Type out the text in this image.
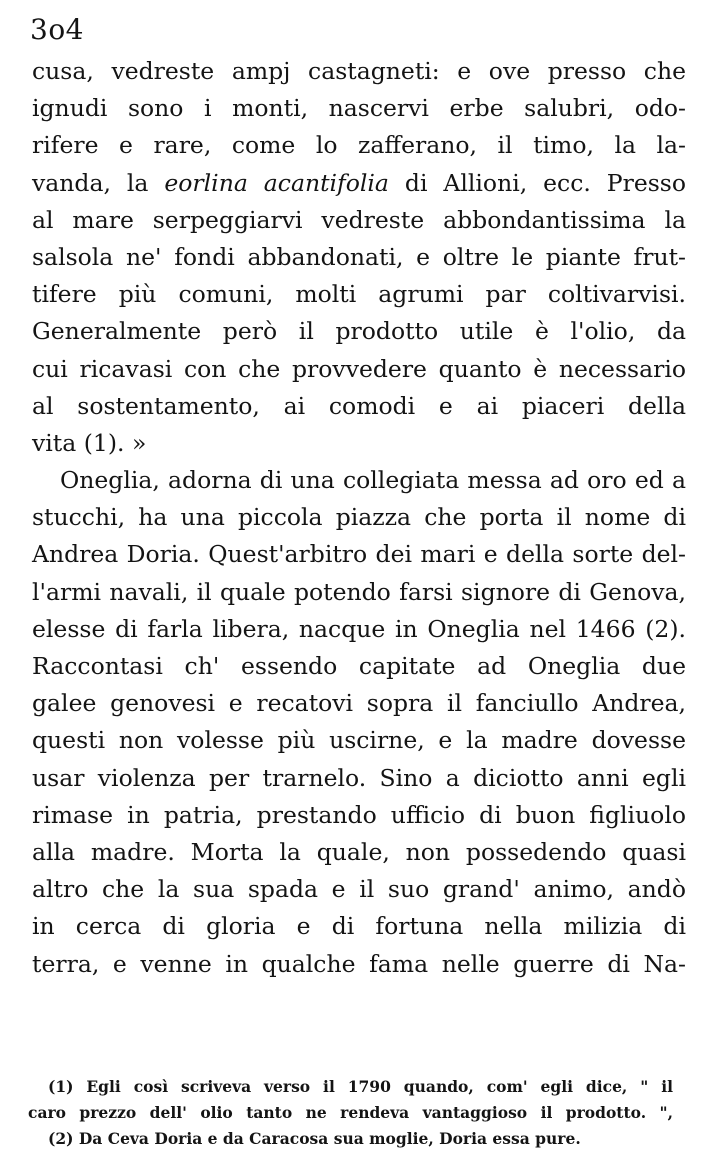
3o4
cusa, vedreste ampj castagneti: e ove presso che
ignudi sono i monti, nascervi erbe salubri, odo-
rifere e rare, come lo zafferano, il timo, la la-
vanda, la eorlina acantifolia di Allioni, ecc. Presso
al mare serpeggiarvi vedreste abbondantissima la
salsola ne' fondi abbandonati, e oltre le piante frut-
tifere più comuni, molti agrumi par coltivarvisi.
Generalmente però il prodotto utile è l'olio, da
cui ricavasi con che provvedere quanto è necessario
al sostentamento, ai comodi e ai piaceri della
vita (1). »
Oneglia, adorna di una collegiata messa ad oro ed a
stucchi, ha una piccola piazza che porta il nome di
Andrea Doria. Quest'arbitro dei mari e della sorte del-
l'armi navali, il quale potendo farsi signore di Genova,
elesse di farla libera, nacque in Oneglia nel 1466 (2).
Raccontasi ch' essendo capitate ad Oneglia due
galee genovesi e recatovi sopra il fanciullo Andrea,
questi non volesse più uscirne, e la madre dovesse
usar violenza per trarnelo. Sino a diciotto anni egli
rimase in patria, prestando ufficio di buon figliuolo
alla madre. Morta la quale, non possedendo quasi
altro che la sua spada e il suo grand' animo, andò
in cerca di gloria e di fortuna nella milizia di
terra, e venne in qualche fama nelle guerre di Na-
(1) Egli così scriveva verso il 1790 quando, com' egli dice, " il
caro prezzo dell' olio tanto ne rendeva vantaggioso il prodotto. ",
(2) Da Ceva Doria e da Caracosa sua moglie, Doria essa pure.
